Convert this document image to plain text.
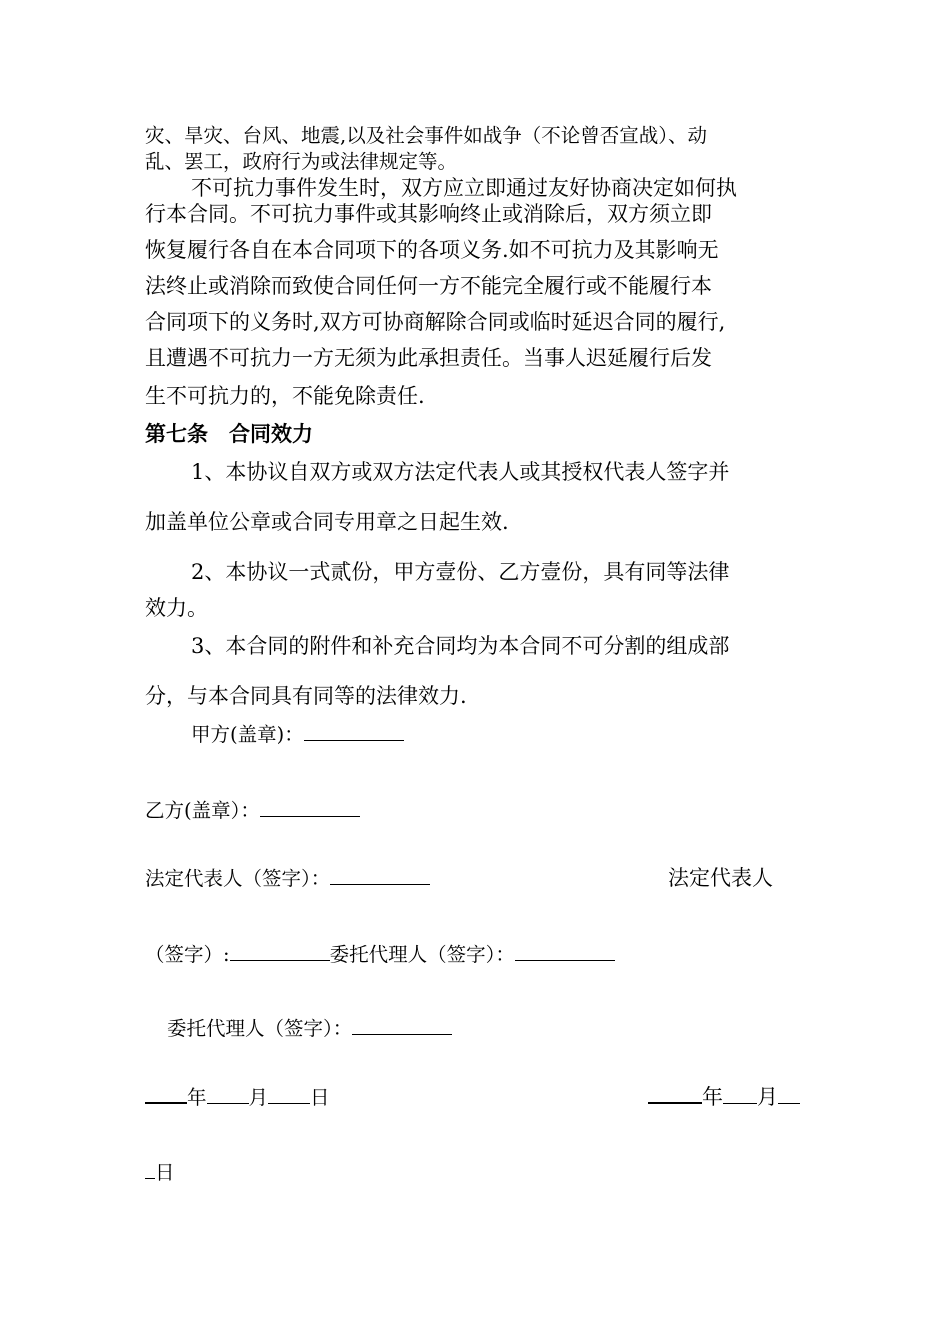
灾、旱灾、台风、地震,以及社会事件如战争（不论曾否宣战）、动
乱、罢工，政府行为或法律规定等。
不可抗力事件发生时，双方应立即通过友好协商决定如何执
行本合同。不可抗力事件或其影响终止或消除后，双方须立即
恢复履行各自在本合同项下的各项义务.如不可抗力及其影响无
法终止或消除而致使合同任何一方不能完全履行或不能履行本
合同项下的义务时,双方可协商解除合同或临时延迟合同的履行,
且遭遇不可抗力一方无须为此承担责任。当事人迟延履行后发
生不可抗力的，不能免除责任.
第七条　合同效力
1、本协议自双方或双方法定代表人或其授权代表人签字并
加盖单位公章或合同专用章之日起生效.
2、本协议一式贰份，甲方壹份、乙方壹份，具有同等法律
效力。
3、本合同的附件和补充合同均为本合同不可分割的组成部
分，与本合同具有同等的法律效力.
甲方(盖章)：
乙方(盖章）：
法定代表人（签字）：	法定代表人
（签字）:	委托代理人（签字）：
委托代理人（签字）：
年 月 日	年 月
日
